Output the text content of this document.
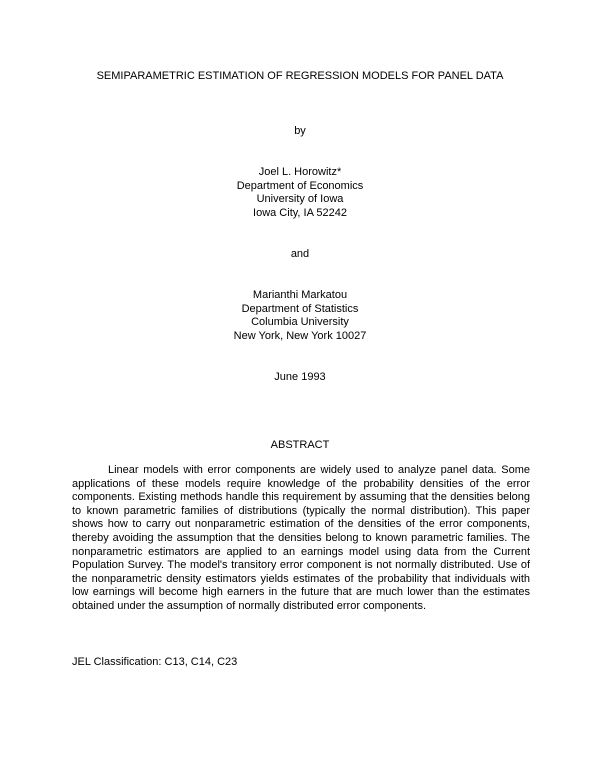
SEMIPARAMETRIC ESTIMATION OF REGRESSION MODELS FOR PANEL DATA
by
Joel L. Horowitz*
Department of Economics
University of Iowa
Iowa City, IA 52242
and
Marianthi Markatou
Department of Statistics
Columbia University
New York, New York 10027
June 1993
ABSTRACT

Linear models with error components are widely used to analyze panel data. Some applications of these models require knowledge of the probability densities of the error components. Existing methods handle this requirement by assuming that the densities belong to known parametric families of distributions (typically the normal distribution). This paper shows how to carry out nonparametric estimation of the densities of the error components, thereby avoiding the assumption that the densities belong to known parametric families. The nonparametric estimators are applied to an earnings model using data from the Current Population Survey. The model's transitory error component is not normally distributed. Use of the nonparametric density estimators yields estimates of the probability that individuals with low earnings will become high earners in the future that are much lower than the estimates obtained under the assumption of normally distributed error components.

JEL Classification: C13, C14, C23
